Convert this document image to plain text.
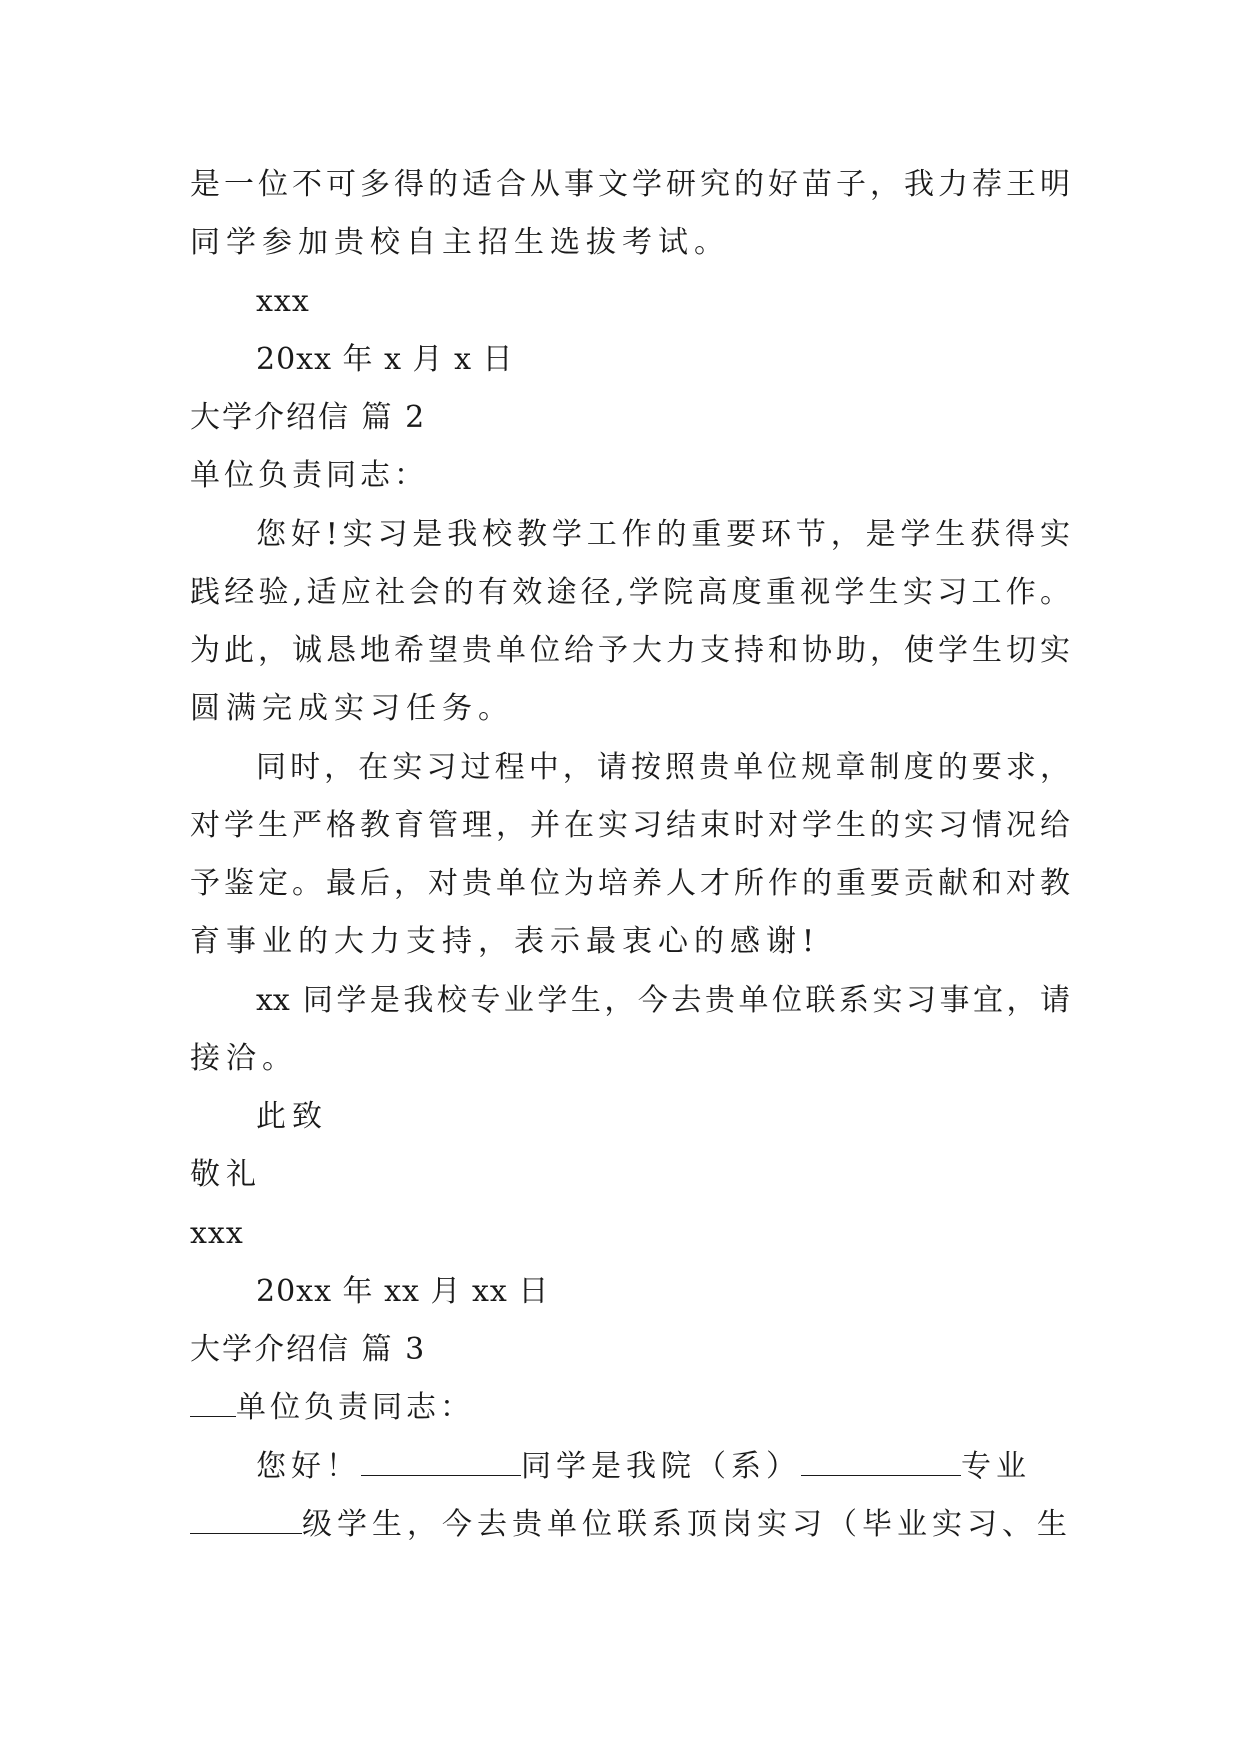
是一位不可多得的适合从事文学研究的好苗子，我力荐王明
同学参加贵校自主招生选拔考试。
xxx
20xx 年 x 月 x 日
大学介绍信 篇 2
单位负责同志：
您好!实习是我校教学工作的重要环节，是学生获得实
践经验,适应社会的有效途径,学院高度重视学生实习工作。
为此，诚恳地希望贵单位给予大力支持和协助，使学生切实
圆满完成实习任务。
同时，在实习过程中，请按照贵单位规章制度的要求，
对学生严格教育管理，并在实习结束时对学生的实习情况给
予鉴定。最后，对贵单位为培养人才所作的重要贡献和对教
育事业的大力支持，表示最衷心的感谢!
xx 同学是我校专业学生，今去贵单位联系实习事宜，请
接洽。
此致
敬礼
xxx
20xx 年 xx 月 xx 日
大学介绍信 篇 3
单位负责同志：
您好！	同学是我院（系）	专业
级学生，今去贵单位联系顶岗实习（毕业实习、生
